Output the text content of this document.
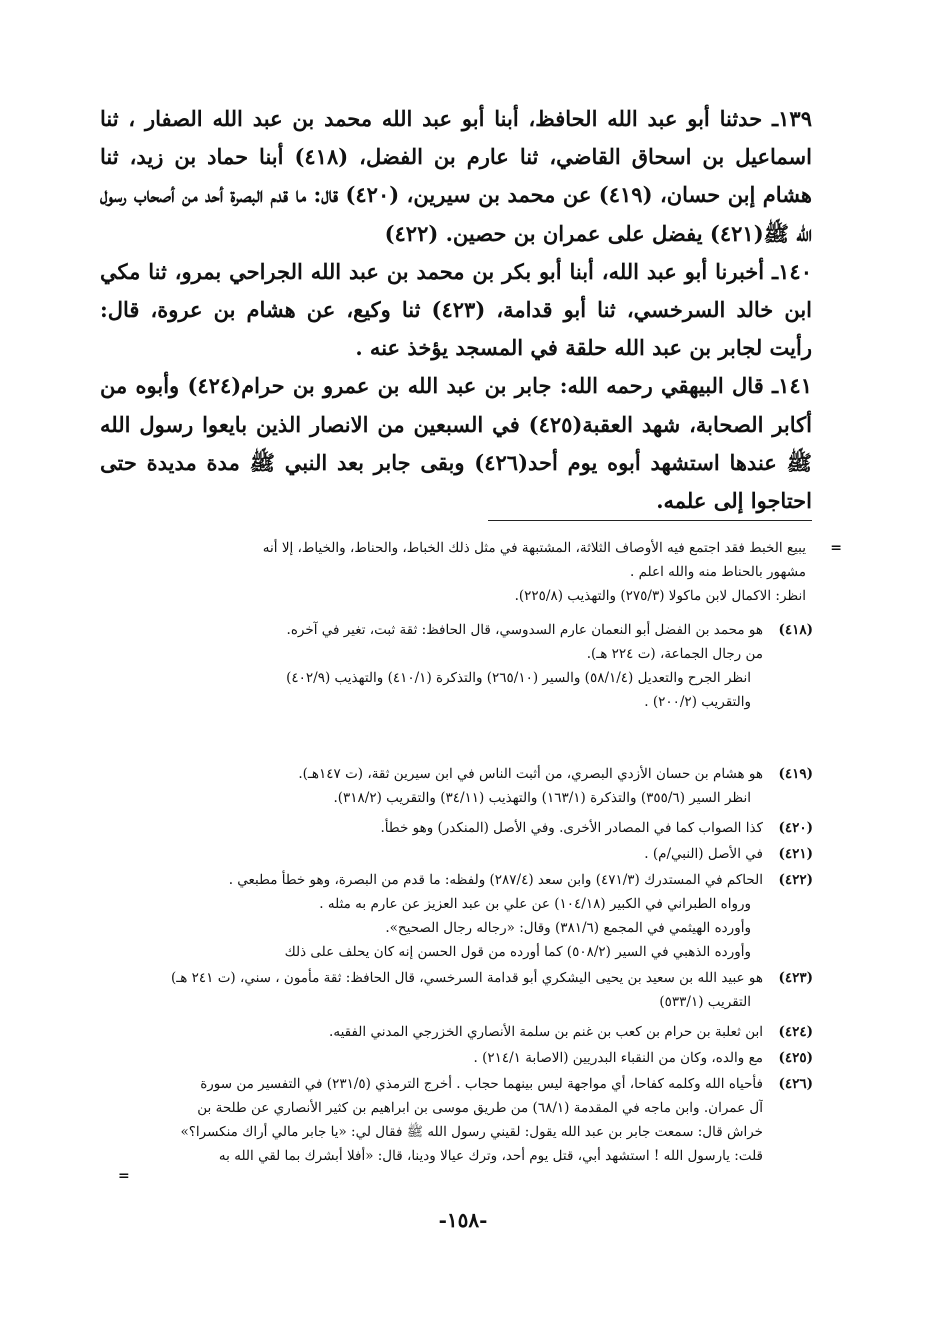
١٣٩ـ حدثنا أبو عبد الله الحافظ، أبنا أبو عبد الله محمد بن عبد الله الصفار ، ثنا اسماعيل بن اسحاق القاضي، ثنا عارم بن الفضل، (٤١٨) أبنا حماد بن زيد، ثنا هشام إبن حسان، (٤١٩) عن محمد بن سيرين، (٤٢٠) قال: ما قدم البصرة أحد من أصحاب رسول الله ﷺ(٤٢١) يفضل على عمران بن حصين. (٤٢٢)

١٤٠ـ أخبرنا أبو عبد الله، أبنا أبو بكر بن محمد بن عبد الله الجراحي بمرو، ثنا مكي ابن خالد السرخسي، ثنا أبو قدامة، (٤٢٣) ثنا وكيع، عن هشام بن عروة، قال: رأيت لجابر بن عبد الله حلقة في المسجد يؤخذ عنه .

١٤١ـ قال البيهقي رحمه الله: جابر بن عبد الله بن عمرو بن حرام(٤٢٤) وأبوه من أكابر الصحابة، شهد العقبة(٤٢٥) في السبعين من الانصار الذين بايعوا رسول الله ﷺ عندها استشهد أبوه يوم أحد(٤٢٦) وبقى جابر بعد النبي ﷺ مدة مديدة حتى احتاجوا إلى علمه.

=
يبيع الخبط فقد اجتمع فيه الأوصاف الثلاثة، المشتبهة في مثل ذلك الخباط، والحناط، والخياط، إلا أنه
مشهور بالحناط منه والله اعلم .
انظر: الاكمال لابن ماكولا (٢٧٥/٣) والتهذيب (٢٢٥/٨).
(٤١٨)
هو محمد بن الفضل أبو النعمان عارم السدوسي، قال الحافظ: ثقة ثبت، تغير في آخره.
من رجال الجماعة، (ت ٢٢٤ هـ).
انظر الجرح والتعديل (٥٨/١/٤) والسير (٢٦٥/١٠) والتذكرة (٤١٠/١) والتهذيب (٤٠٢/٩)
والتقريب (٢٠٠/٢) .
(٤١٩)
هو هشام بن حسان الأزدي البصري، من أثبت الناس في ابن سيرين ثقة، (ت ١٤٧هـ).
انظر السير (٣٥٥/٦) والتذكرة (١٦٣/١) والتهذيب (٣٤/١١) والتقريب (٣١٨/٢).
(٤٢٠)
كذا الصواب كما في المصادر الأخرى. وفي الأصل (المنكدر) وهو خطأ.
(٤٢١)
في الأصل (النبي/م) .
(٤٢٢)
الحاكم في المستدرك (٤٧١/٣) وابن سعد (٢٨٧/٤) ولفظه: ما قدم من البصرة، وهو خطأ مطبعي .
ورواه الطبراني في الكبير (١٠٤/١٨) عن علي بن عبد العزيز عن عارم به مثله .
وأورده الهيثمي في المجمع (٣٨١/٦) وقال: «رجاله رجال الصحيح».
وأورده الذهبي في السير (٥٠٨/٢) كما أورده من قول الحسن إنه كان يحلف على ذلك
(٤٢٣)
هو عبيد الله بن سعيد بن يحيى اليشكري أبو قدامة السرخسي، قال الحافظ: ثقة مأمون ، سني، (ت ٢٤١ هـ)
التقريب (٥٣٣/١)
(٤٢٤)
ابن ثعلبة بن حرام بن كعب بن غنم بن سلمة الأنصاري الخزرجي المدني الفقيه.
(٤٢٥)
مع والده، وكان من النقباء البدريين (الاصابة ٢١٤/١) .
(٤٢٦)
فأحياه الله وكلمه كفاحا، أي مواجهة ليس بينهما حجاب . أخرج الترمذي (٢٣١/٥) في التفسير من سورة
آل عمران. وابن ماجه في المقدمة (٦٨/١) من طريق موسى بن ابراهيم بن كثير الأنصاري عن طلحة بن
خراش قال: سمعت جابر بن عبد الله يقول: لقيني رسول الله ﷺ فقال لي: «يا جابر مالي أراك منكسرا؟»
قلت: يارسول الله ! استشهد أبي، قتل يوم أحد، وترك عيالا ودينا، قال: «أفلا أبشرك بما لقي الله به
=
-١٥٨-
